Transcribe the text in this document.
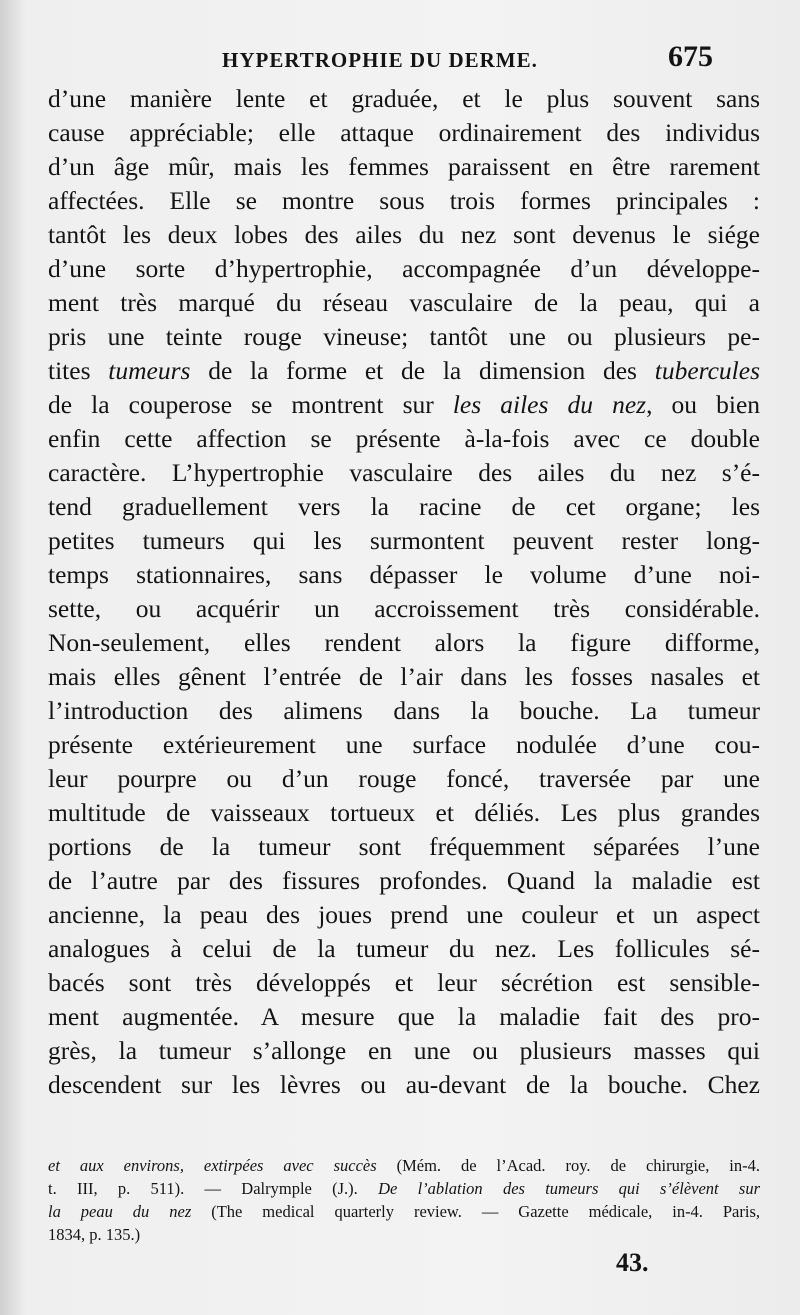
HYPERTROPHIE DU DERME.	675
d’une manière lente et graduée, et le plus souvent sans
cause appréciable; elle attaque ordinairement des individus
d’un âge mûr, mais les femmes paraissent en être rarement
affectées. Elle se montre sous trois formes principales :
tantôt les deux lobes des ailes du nez sont devenus le siége
d’une sorte d’hypertrophie, accompagnée d’un développe-
ment très marqué du réseau vasculaire de la peau, qui a
pris une teinte rouge vineuse; tantôt une ou plusieurs pe-
tites tumeurs de la forme et de la dimension des tubercules
de la couperose se montrent sur les ailes du nez, ou bien
enfin cette affection se présente à-la-fois avec ce double
caractère. L’hypertrophie vasculaire des ailes du nez s’é-
tend graduellement vers la racine de cet organe; les
petites tumeurs qui les surmontent peuvent rester long-
temps stationnaires, sans dépasser le volume d’une noi-
sette, ou acquérir un accroissement très considérable.
Non-seulement, elles rendent alors la figure difforme,
mais elles gênent l’entrée de l’air dans les fosses nasales et
l’introduction des alimens dans la bouche. La tumeur
présente extérieurement une surface nodulée d’une cou-
leur pourpre ou d’un rouge foncé, traversée par une
multitude de vaisseaux tortueux et déliés. Les plus grandes
portions de la tumeur sont fréquemment séparées l’une
de l’autre par des fissures profondes. Quand la maladie est
ancienne, la peau des joues prend une couleur et un aspect
analogues à celui de la tumeur du nez. Les follicules sé-
bacés sont très développés et leur sécrétion est sensible-
ment augmentée. A mesure que la maladie fait des pro-
grès, la tumeur s’allonge en une ou plusieurs masses qui
descendent sur les lèvres ou au-devant de la bouche. Chez
et aux environs, extirpées avec succès (Mém. de l’Acad. roy. de chirurgie, in-4.
t. III, p. 511). — Dalrymple (J.). De l’ablation des tumeurs qui s’élèvent sur
la peau du nez (The medical quarterly review. — Gazette médicale, in-4. Paris,
1834, p. 135.)
43.
